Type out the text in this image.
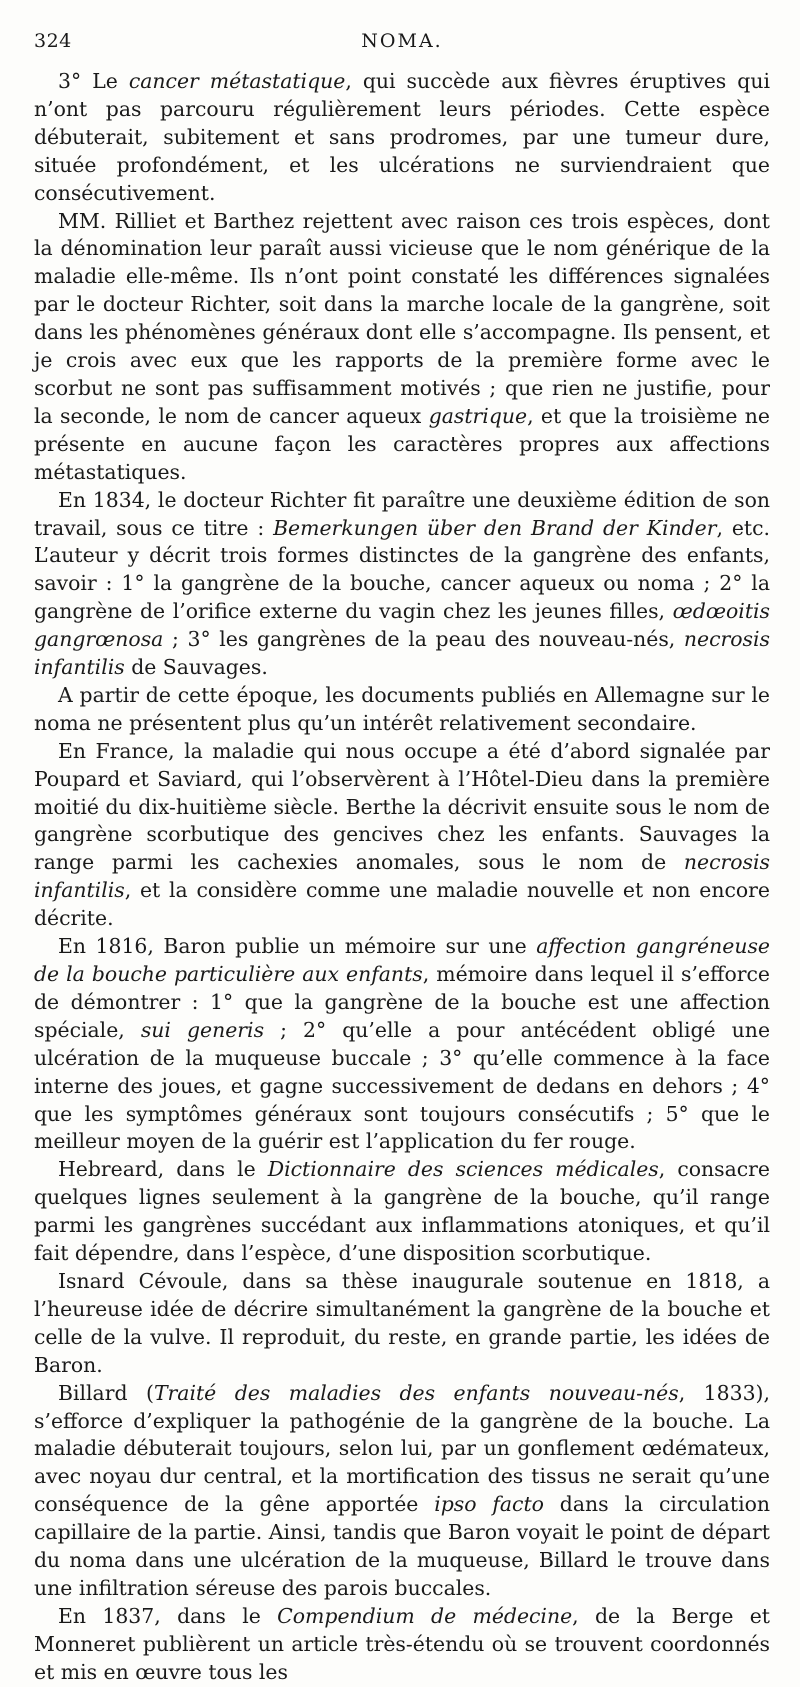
324	NOMA.

3° Le cancer métastatique, qui succède aux fièvres éruptives qui n’ont pas parcouru régulièrement leurs périodes. Cette espèce débuterait, subitement et sans prodromes, par une tumeur dure, située profondément, et les ulcérations ne surviendraient que consécutivement.

MM. Rilliet et Barthez rejettent avec raison ces trois espèces, dont la dénomination leur paraît aussi vicieuse que le nom générique de la maladie elle-même. Ils n’ont point constaté les différences signalées par le docteur Richter, soit dans la marche locale de la gangrène, soit dans les phénomènes généraux dont elle s’accompagne. Ils pensent, et je crois avec eux que les rapports de la première forme avec le scorbut ne sont pas suffisamment motivés ; que rien ne justifie, pour la seconde, le nom de cancer aqueux gastrique, et que la troisième ne présente en aucune façon les caractères propres aux affections métastatiques.

En 1834, le docteur Richter fit paraître une deuxième édition de son travail, sous ce titre : Bemerkungen über den Brand der Kinder, etc. L’auteur y décrit trois formes distinctes de la gangrène des enfants, savoir : 1° la gangrène de la bouche, cancer aqueux ou noma ; 2° la gangrène de l’orifice externe du vagin chez les jeunes filles, œdœoitis gangrœnosa ; 3° les gangrènes de la peau des nouveau-nés, necrosis infantilis de Sauvages.

A partir de cette époque, les documents publiés en Allemagne sur le noma ne présentent plus qu’un intérêt relativement secondaire.

En France, la maladie qui nous occupe a été d’abord signalée par Poupard et Saviard, qui l’observèrent à l’Hôtel-Dieu dans la première moitié du dix-huitième siècle. Berthe la décrivit ensuite sous le nom de gangrène scorbutique des gencives chez les enfants. Sauvages la range parmi les cachexies anomales, sous le nom de necrosis infantilis, et la considère comme une maladie nouvelle et non encore décrite.

En 1816, Baron publie un mémoire sur une affection gangréneuse de la bouche particulière aux enfants, mémoire dans lequel il s’efforce de démontrer : 1° que la gangrène de la bouche est une affection spéciale, sui generis ; 2° qu’elle a pour antécédent obligé une ulcération de la muqueuse buccale ; 3° qu’elle commence à la face interne des joues, et gagne successivement de dedans en dehors ; 4° que les symptômes généraux sont toujours consécutifs ; 5° que le meilleur moyen de la guérir est l’application du fer rouge.

Hebreard, dans le Dictionnaire des sciences médicales, consacre quelques lignes seulement à la gangrène de la bouche, qu’il range parmi les gangrènes succédant aux inflammations atoniques, et qu’il fait dépendre, dans l’espèce, d’une disposition scorbutique.

Isnard Cévoule, dans sa thèse inaugurale soutenue en 1818, a l’heureuse idée de décrire simultanément la gangrène de la bouche et celle de la vulve. Il reproduit, du reste, en grande partie, les idées de Baron.

Billard (Traité des maladies des enfants nouveau-nés, 1833), s’efforce d’expliquer la pathogénie de la gangrène de la bouche. La maladie débuterait toujours, selon lui, par un gonflement œdémateux, avec noyau dur central, et la mortification des tissus ne serait qu’une conséquence de la gêne apportée ipso facto dans la circulation capillaire de la partie. Ainsi, tandis que Baron voyait le point de départ du noma dans une ulcération de la muqueuse, Billard le trouve dans une infiltration séreuse des parois buccales.

En 1837, dans le Compendium de médecine, de la Berge et Monneret publièrent un article très-étendu où se trouvent coordonnés et mis en œuvre tous les
